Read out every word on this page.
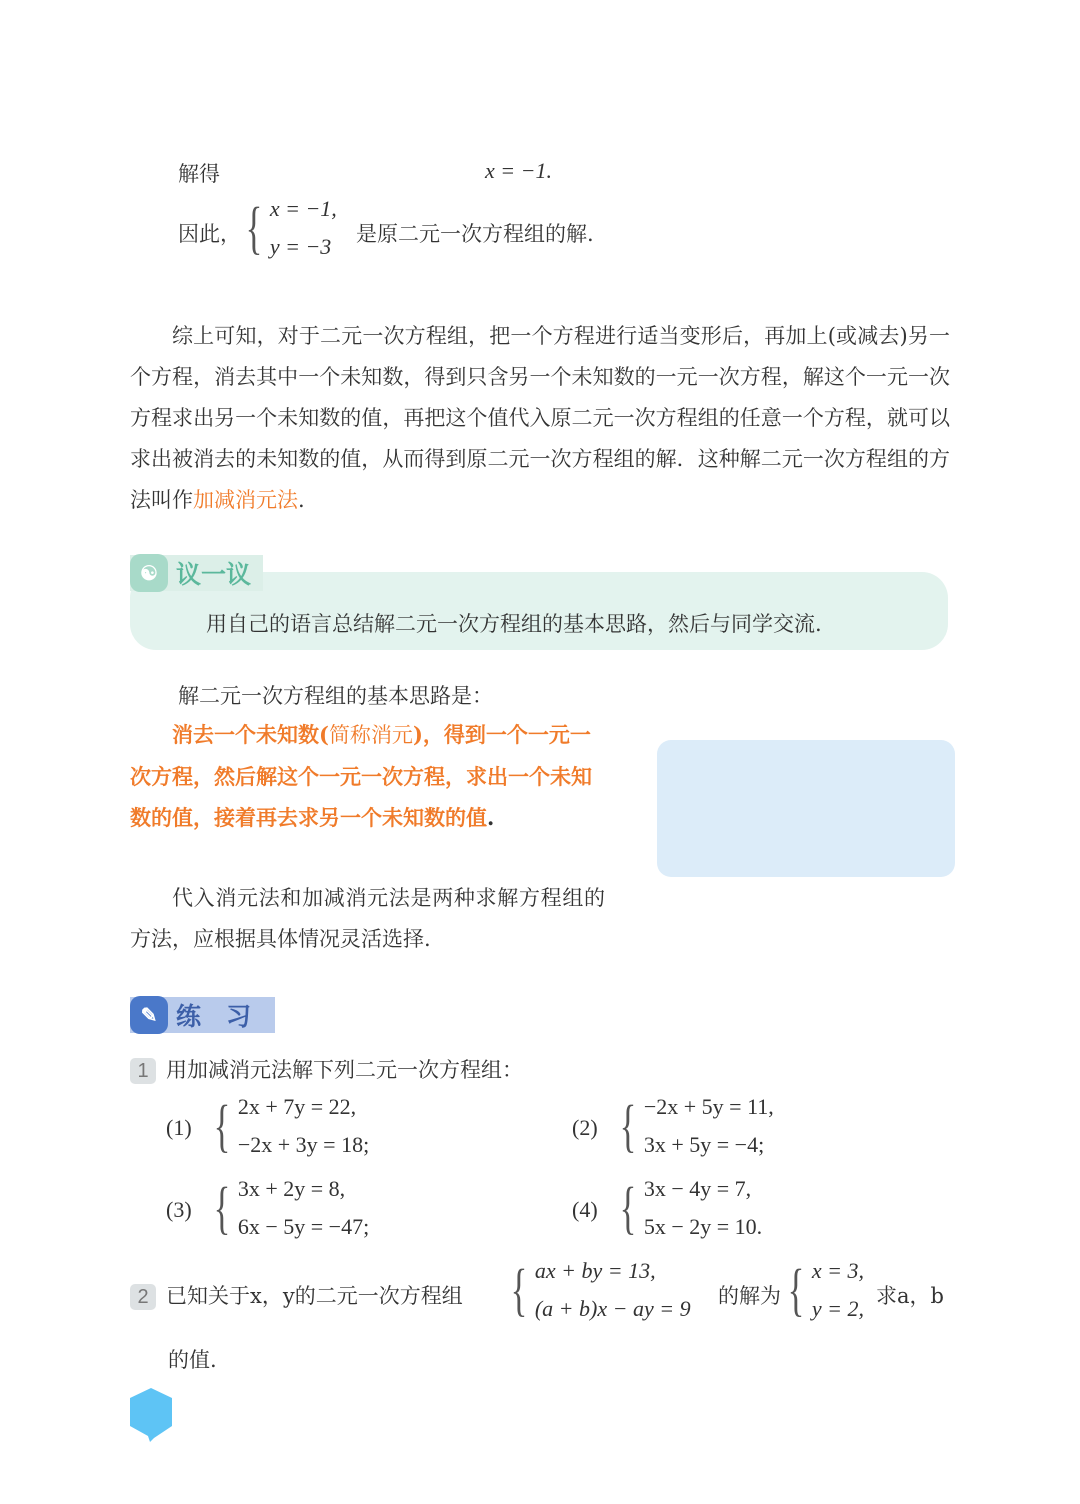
解得	x = −1.
因此， { x = −1,
y = −3 是原二元一次方程组的解.
综上可知，对于二元一次方程组，把一个方程进行适当变形后，再加上(或减去)另一个方程，消去其中一个未知数，得到只含另一个未知数的一元一次方程，解这个一元一次方程求出另一个未知数的值，再把这个值代入原二元一次方程组的任意一个方程，就可以求出被消去的未知数的值，从而得到原二元一次方程组的解．这种解二元一次方程组的方法叫作加减消元法.
☯ 议一议
用自己的语言总结解二元一次方程组的基本思路，然后与同学交流.
解二元一次方程组的基本思路是：
消去一个未知数(简称消元)，得到一个一元一次方程，然后解这个一元一次方程，求出一个未知数的值，接着再去求另一个未知数的值.
代入消元法和加减消元法是两种求解方程组的方法，应根据具体情况灵活选择.
✎ 练　习
1 用加减消元法解下列二元一次方程组：
(1) { 2x + 7y = 22,
−2x + 3y = 18;
(2) { −2x + 5y = 11,
3x + 5y = −4;
(3) { 3x + 2y = 8,
6x − 5y = −47;
(4) { 3x − 4y = 7,
5x − 2y = 10.
2 已知关于x，y的二元一次方程组 { ax + by = 13,
(a + b)x − ay = 9 的解为 { x = 3,
y = 2, 求a，b
的值.
